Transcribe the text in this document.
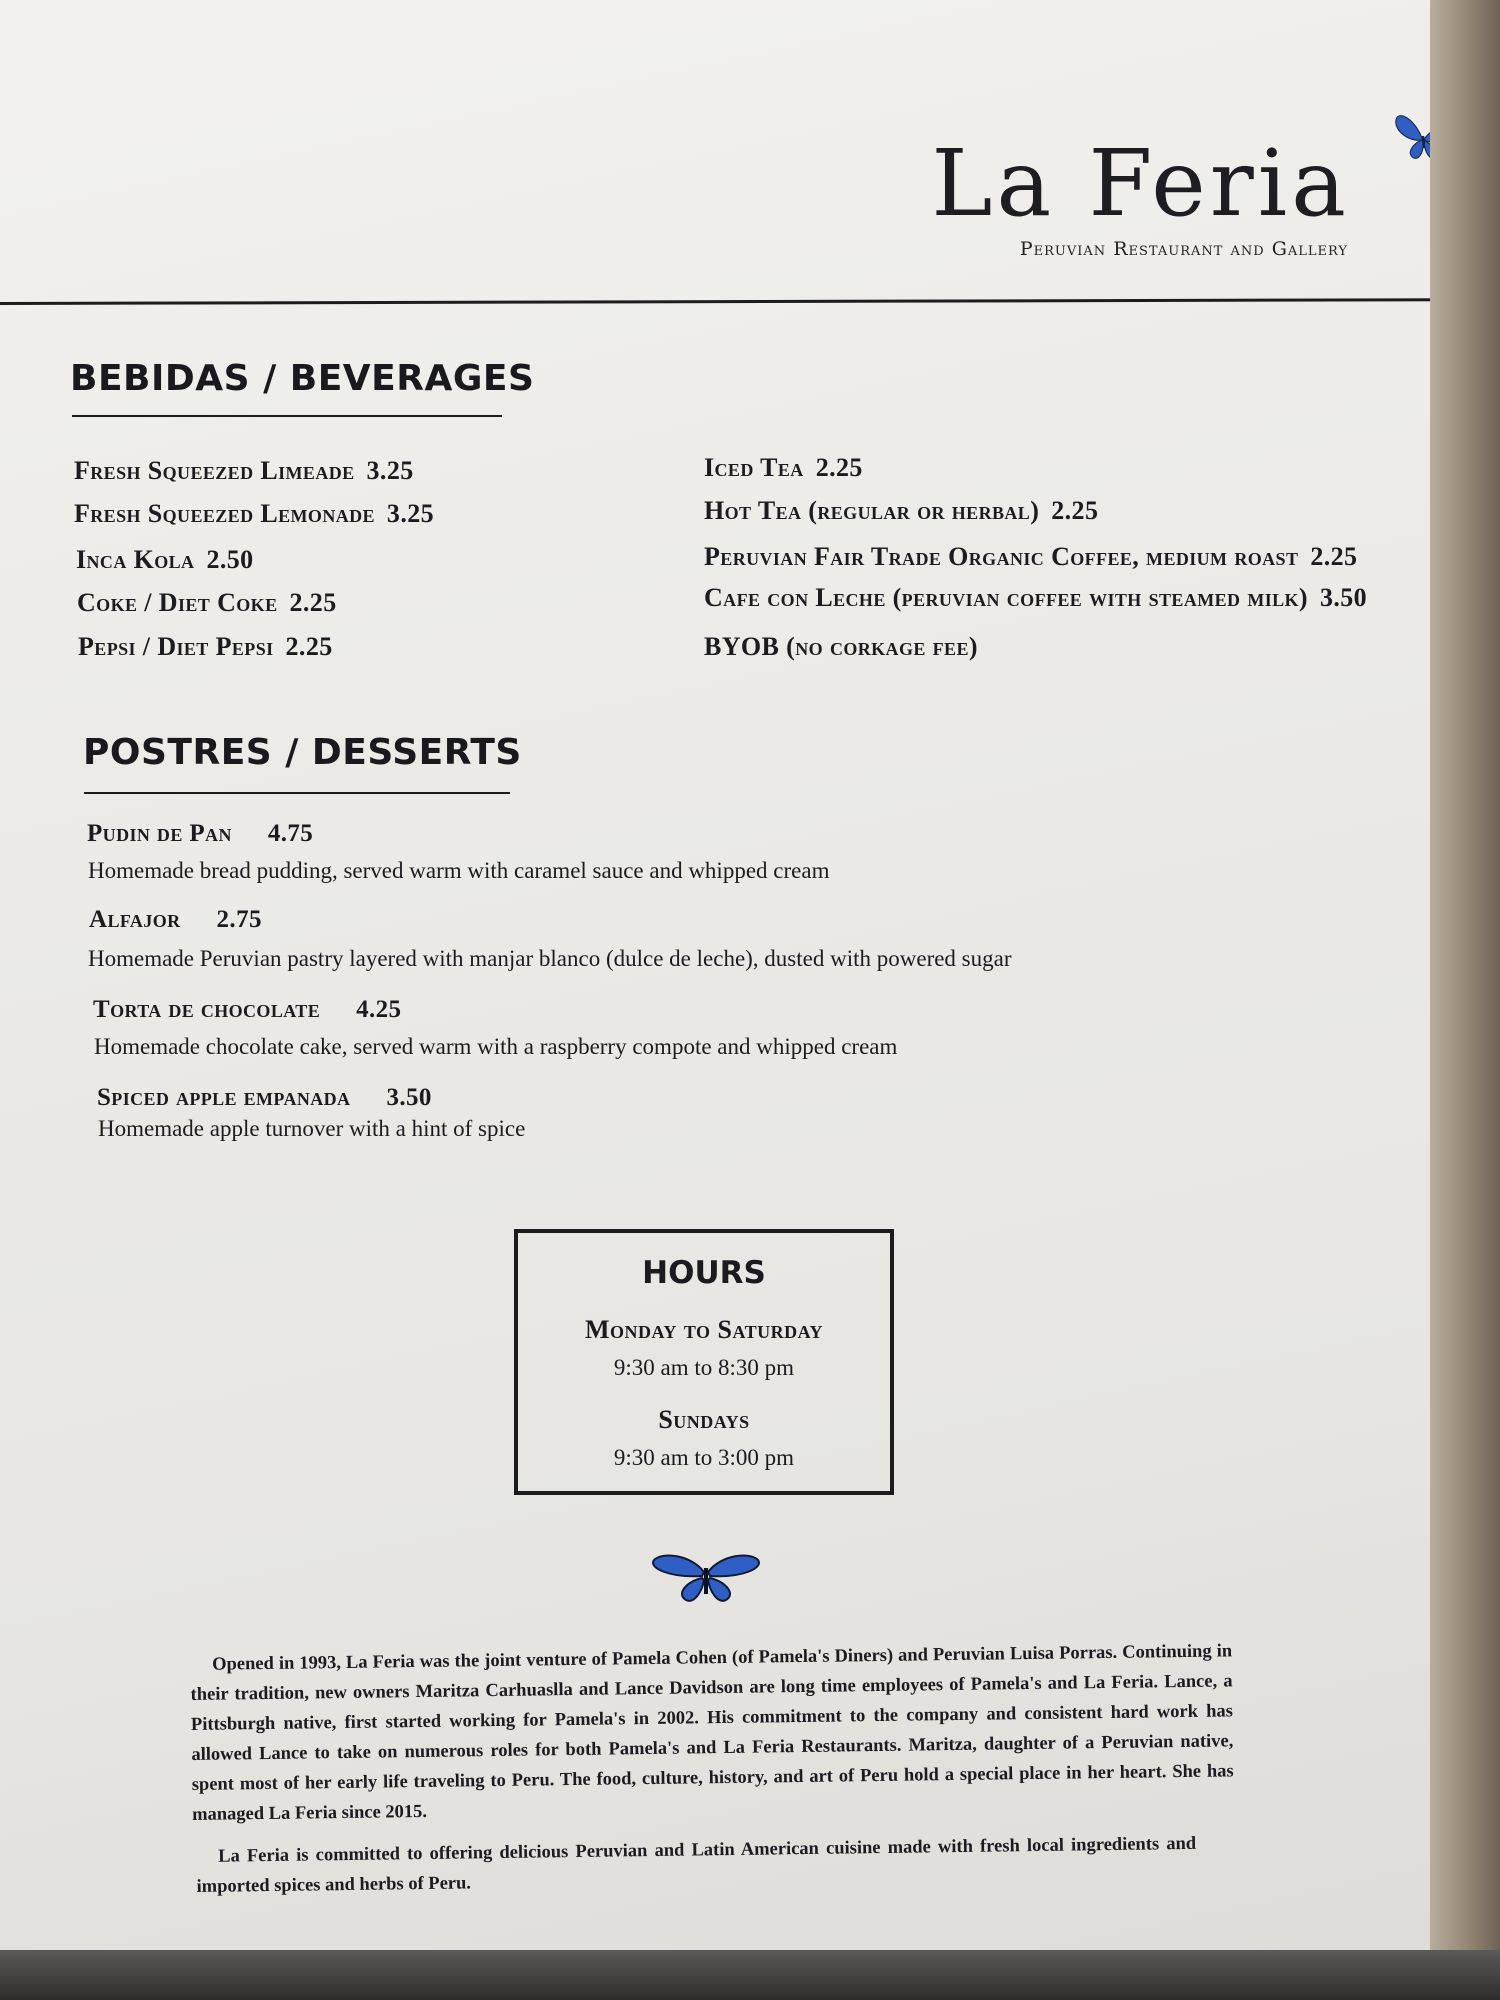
La Feria

Peruvian Restaurant and Gallery

BEBIDAS / BEVERAGES

Fresh Squeezed Limeade 3.25

Fresh Squeezed Lemonade 3.25

Inca Kola 2.50

Coke / Diet Coke 2.25

Pepsi / Diet Pepsi 2.25

Iced Tea 2.25

Hot Tea (regular or herbal) 2.25

Peruvian Fair Trade Organic Coffee, medium roast 2.25

Cafe con Leche (peruvian coffee with steamed milk) 3.50

BYOB (no corkage fee)

POSTRES / DESSERTS

Pudin de Pan 4.75

Homemade bread pudding, served warm with caramel sauce and whipped cream

Alfajor 2.75

Homemade Peruvian pastry layered with manjar blanco (dulce de leche), dusted with powered sugar

Torta de chocolate 4.25

Homemade chocolate cake, served warm with a raspberry compote and whipped cream

Spiced apple empanada 3.50

Homemade apple turnover with a hint of spice

HOURS

Monday to Saturday

9:30 am to 8:30 pm

Sundays

9:30 am to 3:00 pm

Opened in 1993, La Feria was the joint venture of Pamela Cohen (of Pamela's Diners) and Peruvian Luisa Porras. Continuing in their tradition, new owners Maritza Carhuaslla and Lance Davidson are long time employees of Pamela's and La Feria. Lance, a Pittsburgh native, first started working for Pamela's in 2002. His commitment to the company and consistent hard work has allowed Lance to take on numerous roles for both Pamela's and La Feria Restaurants. Maritza, daughter of a Peruvian native, spent most of her early life traveling to Peru. The food, culture, history, and art of Peru hold a special place in her heart. She has managed La Feria since 2015.

La Feria is committed to offering delicious Peruvian and Latin American cuisine made with fresh local ingredients and imported spices and herbs of Peru.
